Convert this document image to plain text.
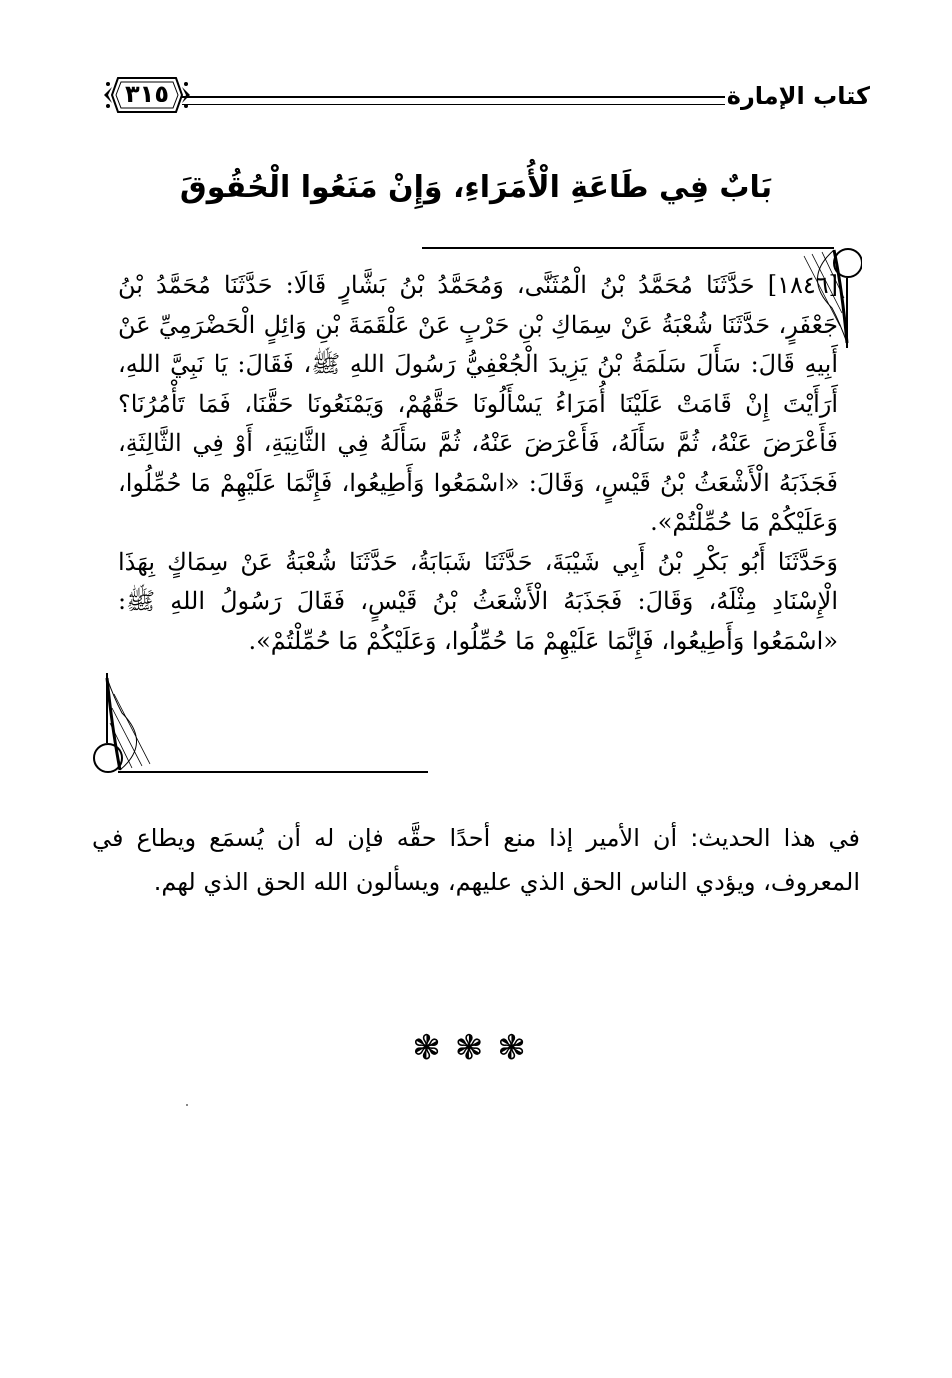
كتاب الإمارة
٣١٥
بَابٌ فِي طَاعَةِ الْأُمَرَاءِ، وَإِنْ مَنَعُوا الْحُقُوقَ

[١٨٤٦] حَدَّثَنَا مُحَمَّدُ بْنُ الْمُثَنَّى، وَمُحَمَّدُ بْنُ بَشَّارٍ قَالَا: حَدَّثَنَا مُحَمَّدُ بْنُ جَعْفَرٍ، حَدَّثَنَا شُعْبَةُ عَنْ سِمَاكِ بْنِ حَرْبٍ عَنْ عَلْقَمَةَ بْنِ وَائِلٍ الْحَضْرَمِيِّ عَنْ أَبِيهِ قَالَ: سَأَلَ سَلَمَةُ بْنُ يَزِيدَ الْجُعْفِيُّ رَسُولَ اللهِ ﷺ، فَقَالَ: يَا نَبِيَّ اللهِ، أَرَأَيْتَ إِنْ قَامَتْ عَلَيْنَا أُمَرَاءُ يَسْأَلُونَا حَقَّهُمْ، وَيَمْنَعُونَا حَقَّنَا، فَمَا تَأْمُرُنَا؟ فَأَعْرَضَ عَنْهُ، ثُمَّ سَأَلَهُ، فَأَعْرَضَ عَنْهُ، ثُمَّ سَأَلَهُ فِي الثَّانِيَةِ، أَوْ فِي الثَّالِثَةِ، فَجَذَبَهُ الْأَشْعَثُ بْنُ قَيْسٍ، وَقَالَ: «اسْمَعُوا وَأَطِيعُوا، فَإِنَّمَا عَلَيْهِمْ مَا حُمِّلُوا، وَعَلَيْكُمْ مَا حُمِّلْتُمْ».

وَحَدَّثَنَا أَبُو بَكْرِ بْنُ أَبِي شَيْبَةَ، حَدَّثَنَا شَبَابَةُ، حَدَّثَنَا شُعْبَةُ عَنْ سِمَاكٍ بِهَذَا الْإِسْنَادِ مِثْلَهُ، وَقَالَ: فَجَذَبَهُ الْأَشْعَثُ بْنُ قَيْسٍ، فَقَالَ رَسُولُ اللهِ ﷺ: «اسْمَعُوا وَأَطِيعُوا، فَإِنَّمَا عَلَيْهِمْ مَا حُمِّلُوا، وَعَلَيْكُمْ مَا حُمِّلْتُمْ».

في هذا الحديث: أن الأمير إذا منع أحدًا حقَّه فإن له أن يُسمَع ويطاع في المعروف، ويؤدي الناس الحق الذي عليهم، ويسألون الله الحق الذي لهم.
❃❃❃
